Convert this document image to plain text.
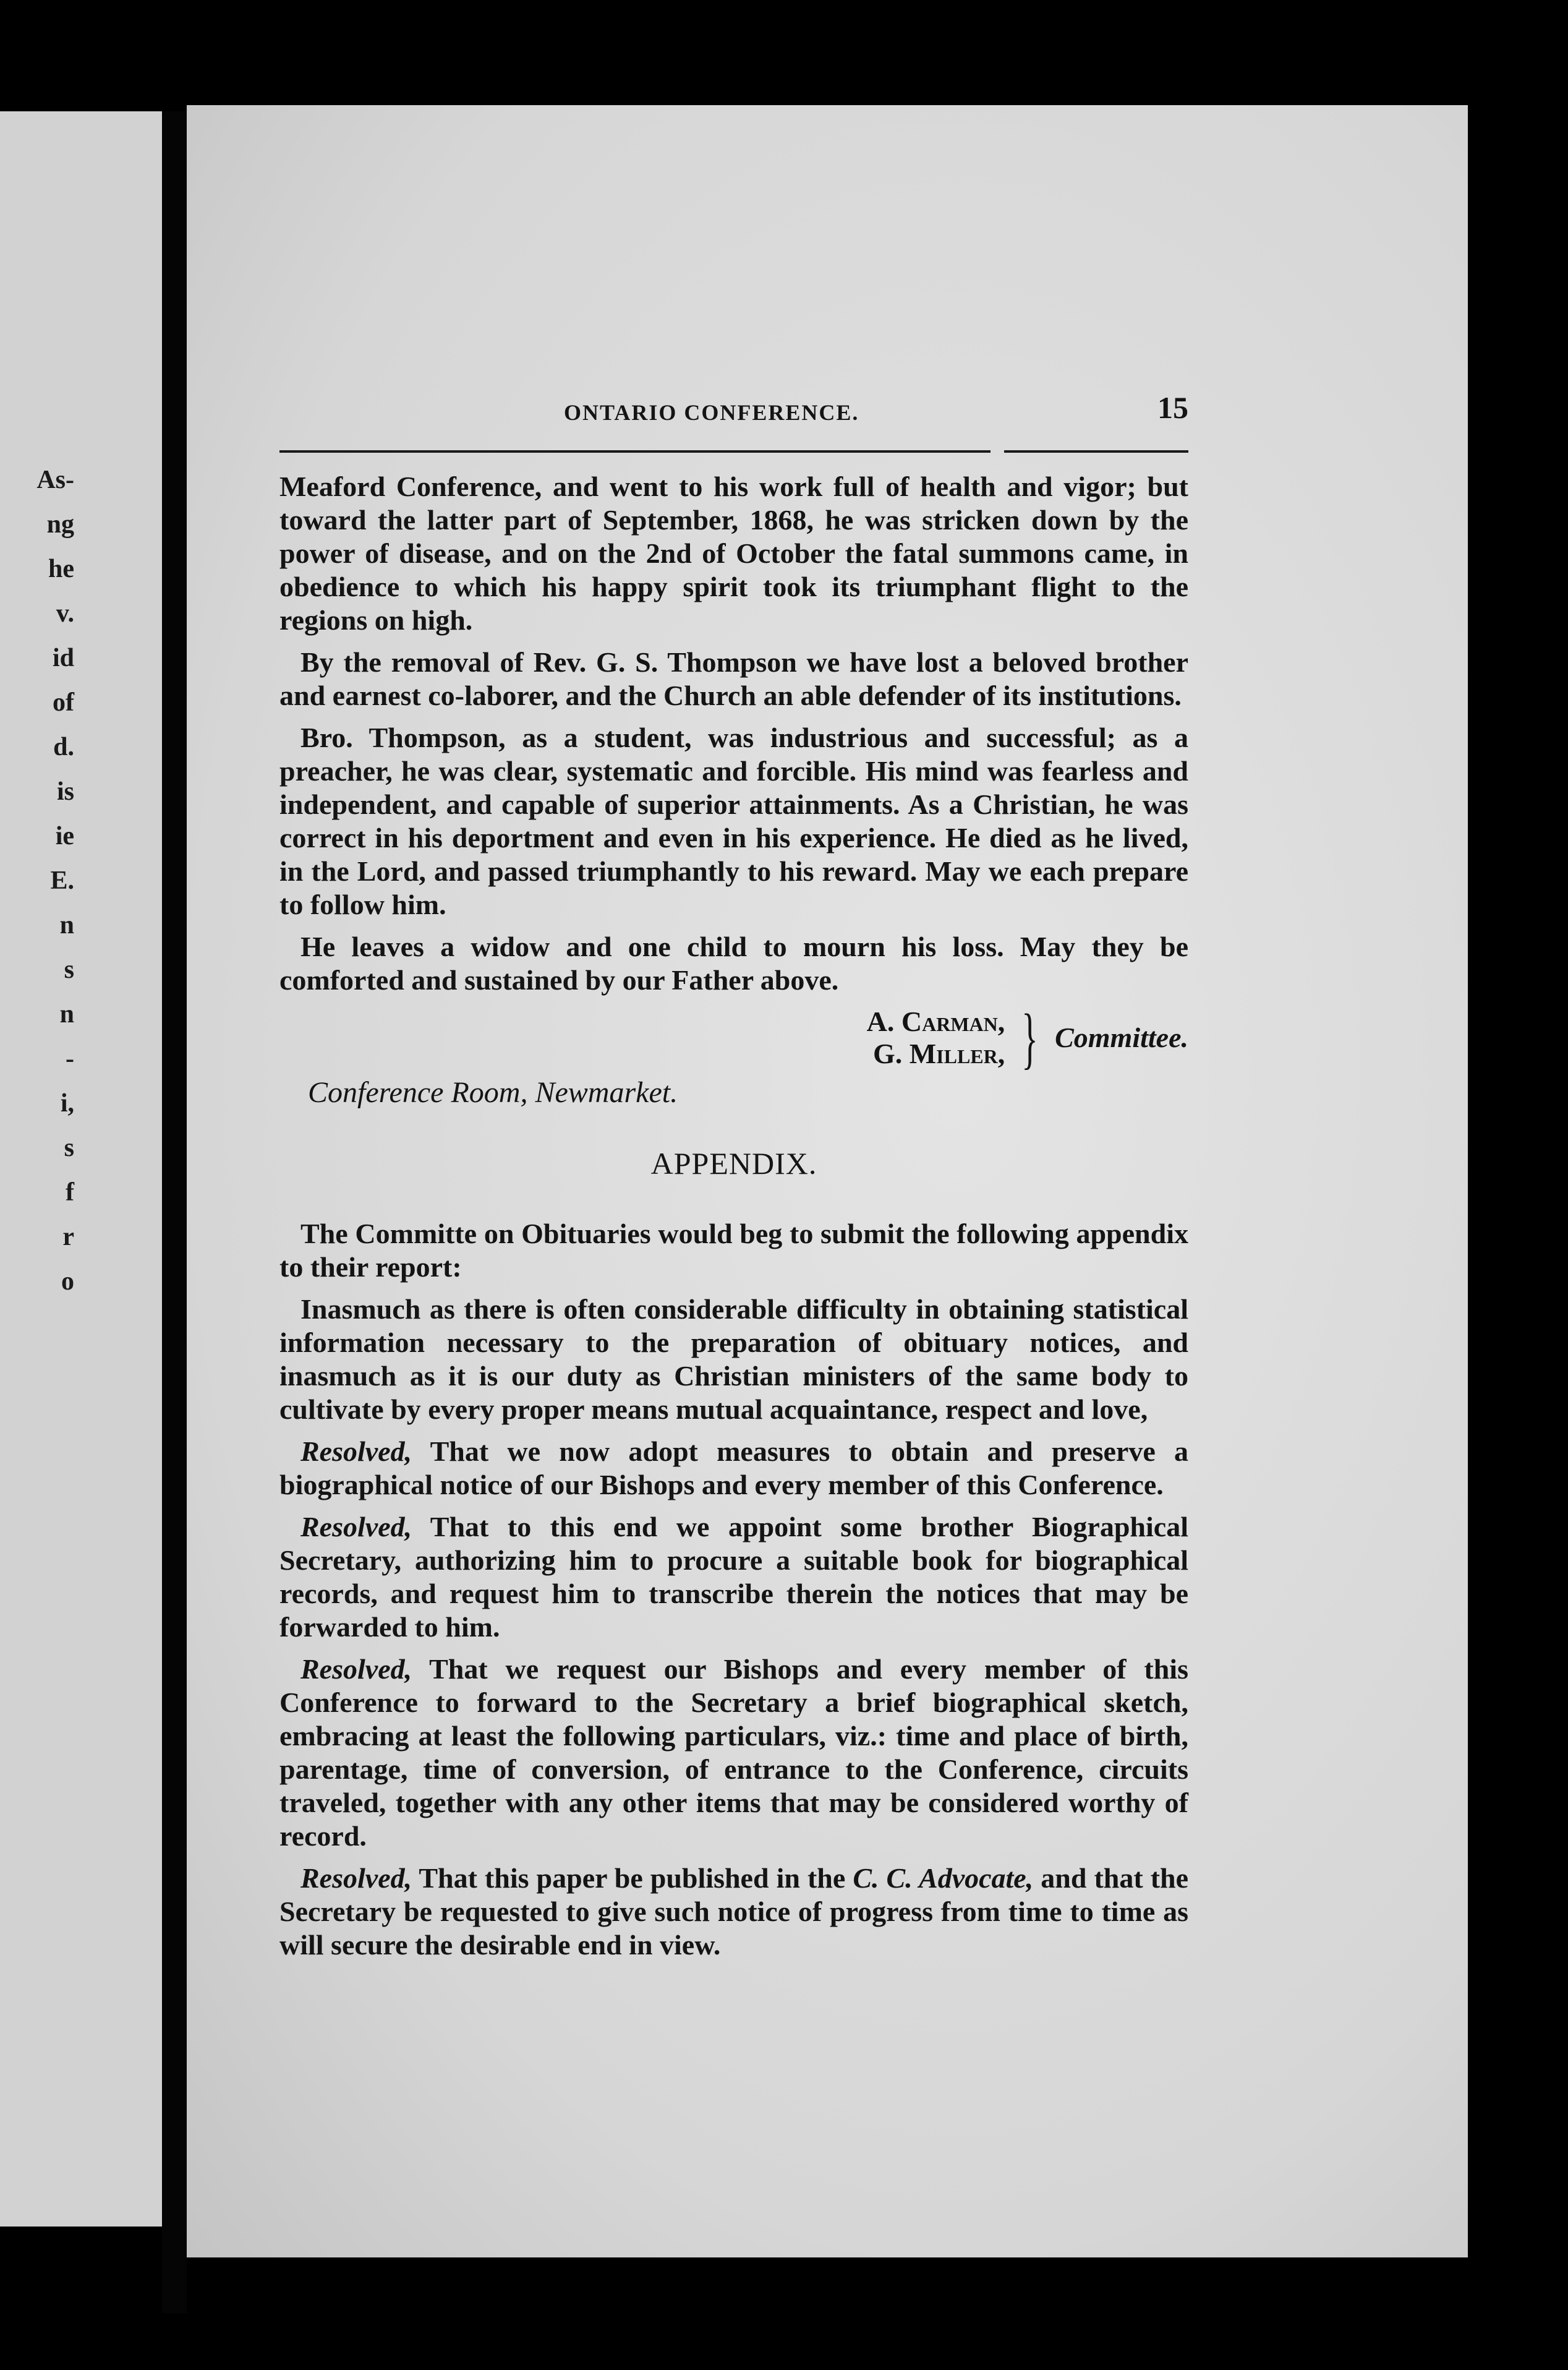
As-
ng
he
v.
id
of
d.
is
ie
E.
n
s
n
-
i,
s
f
r
o
ONTARIO CONFERENCE.	15

Meaford Conference, and went to his work full of health and vigor; but toward the latter part of September, 1868, he was stricken down by the power of disease, and on the 2nd of October the fatal summons came, in obedience to which his happy spirit took its triumphant flight to the regions on high.

By the removal of Rev. G. S. Thompson we have lost a beloved brother and earnest co-laborer, and the Church an able defender of its institutions.

Bro. Thompson, as a student, was industrious and successful; as a preacher, he was clear, systematic and forcible. His mind was fearless and independent, and capable of superior attainments. As a Christian, he was correct in his deportment and even in his experience. He died as he lived, in the Lord, and passed triumphantly to his reward. May we each prepare to follow him.

He leaves a widow and one child to mourn his loss. May they be comforted and sustained by our Father above.

A. Carman,
G. Miller, } Committee.
Conference Room, Newmarket.
APPENDIX.

The Committe on Obituaries would beg to submit the following appendix to their report:

Inasmuch as there is often considerable difficulty in obtaining statistical information necessary to the preparation of obituary notices, and inasmuch as it is our duty as Christian ministers of the same body to cultivate by every proper means mutual acquaintance, respect and love,

Resolved, That we now adopt measures to obtain and preserve a biographical notice of our Bishops and every member of this Conference.

Resolved, That to this end we appoint some brother Biographical Secretary, authorizing him to procure a suitable book for biographical records, and request him to transcribe therein the notices that may be forwarded to him.

Resolved, That we request our Bishops and every member of this Conference to forward to the Secretary a brief biographical sketch, embracing at least the following particulars, viz.: time and place of birth, parentage, time of conversion, of entrance to the Conference, circuits traveled, together with any other items that may be considered worthy of record.

Resolved, That this paper be published in the C. C. Advocate, and that the Secretary be requested to give such notice of progress from time to time as will secure the desirable end in view.
